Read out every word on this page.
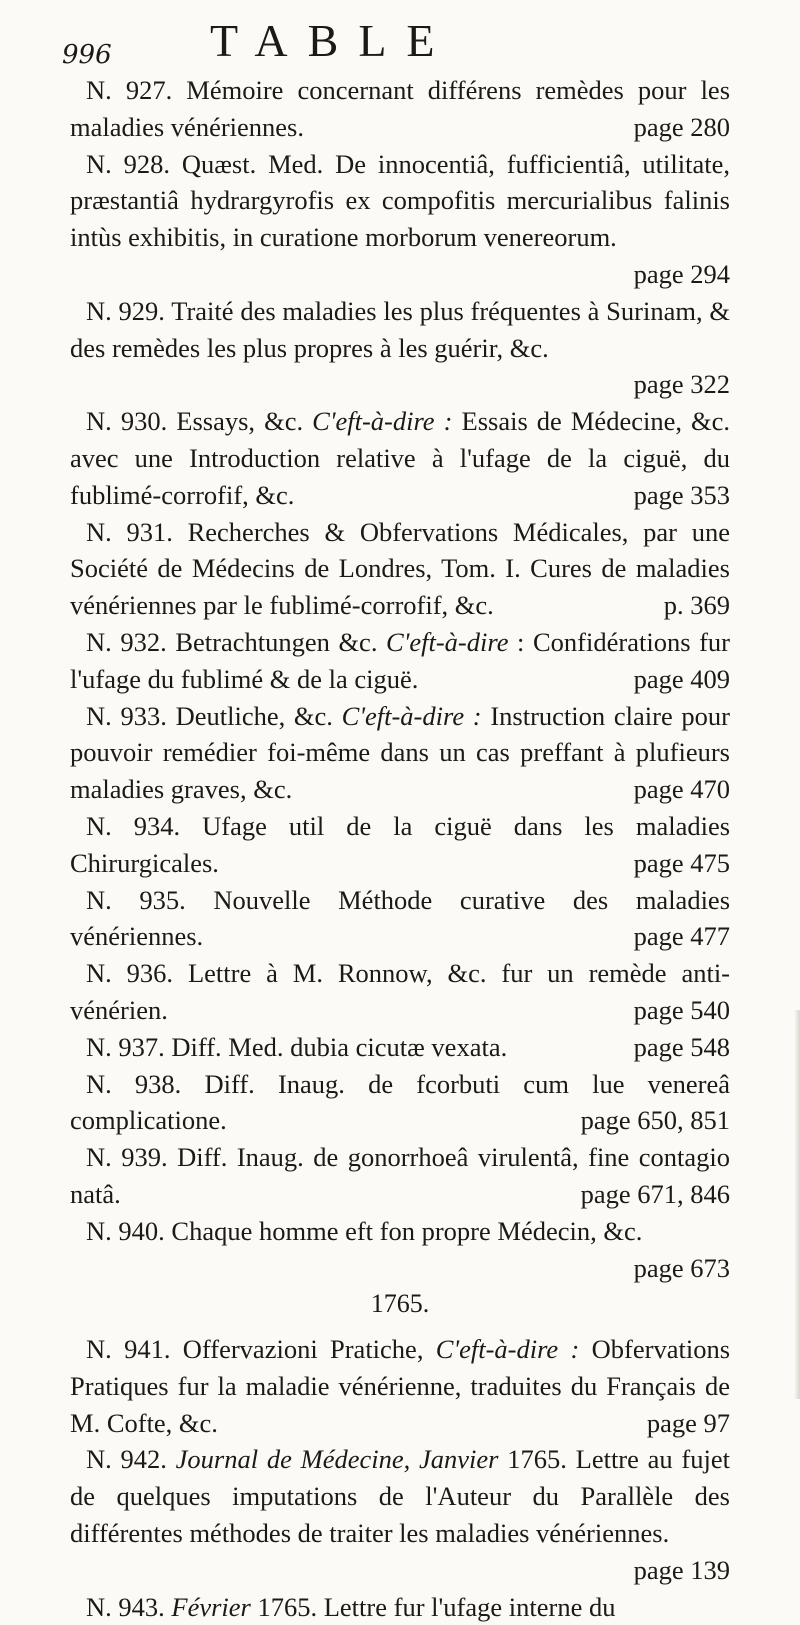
996 TABLE

N. 927. Mémoire concernant différens remèdes pour les maladies vénériennes.	page 280

N. 928. Quæst. Med. De innocentiâ, fufficientiâ, utilitate, præstantiâ hydrargyrofis ex compofitis mercurialibus falinis intùs exhibitis, in curatione morborum venereorum.
page 294

N. 929. Traité des maladies les plus fréquentes à Surinam, & des remèdes les plus propres à les guérir, &c.
page 322

N. 930. Essays, &c. C'eft-à-dire : Essais de Médecine, &c. avec une Introduction relative à l'ufage de la ciguë, du fublimé-corrofif, &c.	page 353

N. 931. Recherches & Obfervations Médicales, par une Société de Médecins de Londres, Tom. I. Cures de maladies vénériennes par le fublimé-corrofif, &c.	p. 369

N. 932. Betrachtungen &c. C'eft-à-dire : Confidérations fur l'ufage du fublimé & de la ciguë.	page 409

N. 933. Deutliche, &c. C'eft-à-dire : Instruction claire pour pouvoir remédier foi-même dans un cas preffant à plufieurs maladies graves, &c.	page 470

N. 934. Ufage util de la ciguë dans les maladies Chirurgicales.	page 475

N. 935. Nouvelle Méthode curative des maladies vénériennes.	page 477

N. 936. Lettre à M. Ronnow, &c. fur un remède anti-vénérien.	page 540

N. 937. Diff. Med. dubia cicutæ vexata.	page 548

N. 938. Diff. Inaug. de fcorbuti cum lue venereâ complicatione.	page 650, 851

N. 939. Diff. Inaug. de gonorrhoeâ virulentâ, fine contagio natâ.	page 671, 846

N. 940. Chaque homme eft fon propre Médecin, &c.
page 673

1765.

N. 941. Offervazioni Pratiche, C'eft-à-dire : Obfervations Pratiques fur la maladie vénérienne, traduites du Français de M. Cofte, &c.	page 97

N. 942. Journal de Médecine, Janvier 1765. Lettre au fujet de quelques imputations de l'Auteur du Parallèle des différentes méthodes de traiter les maladies vénériennes.
page 139

N. 943. Février 1765. Lettre fur l'ufage interne du
